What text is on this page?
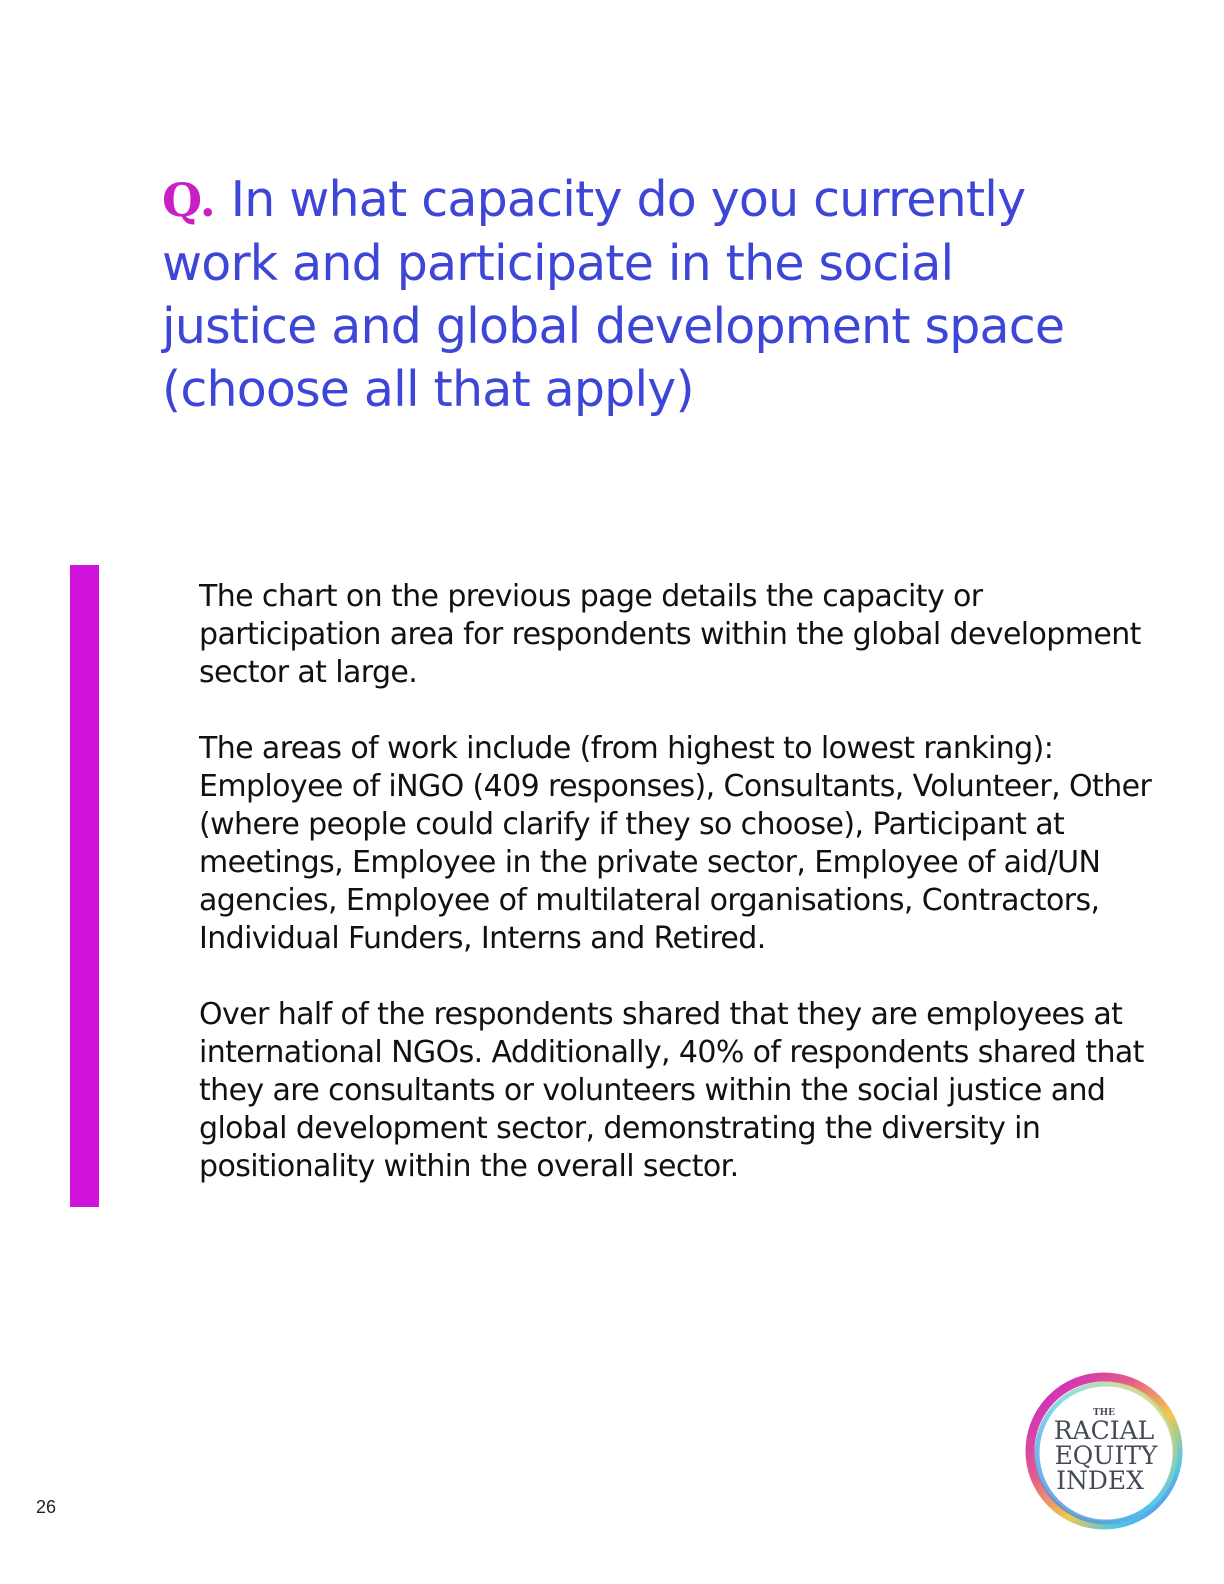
Q. In what capacity do you currently work and participate in the social justice and global development space (choose all that apply)

The chart on the previous page details the capacity or participation area for respondents within the global development sector at large.

The areas of work include (from highest to lowest ranking): Employee of iNGO (409 responses), Consultants, Volunteer, Other (where people could clarify if they so choose), Participant at meetings, Employee in the private sector, Employee of aid/UN agencies, Employee of multilateral organisations, Contractors, Individual Funders, Interns and Retired.

Over half of the respondents shared that they are employees at international NGOs. Additionally, 40% of respondents shared that they are consultants or volunteers within the social justice and global development sector, demonstrating the diversity in positionality within the overall sector.

26
THE
RACIAL
EQUITY
INDEX
